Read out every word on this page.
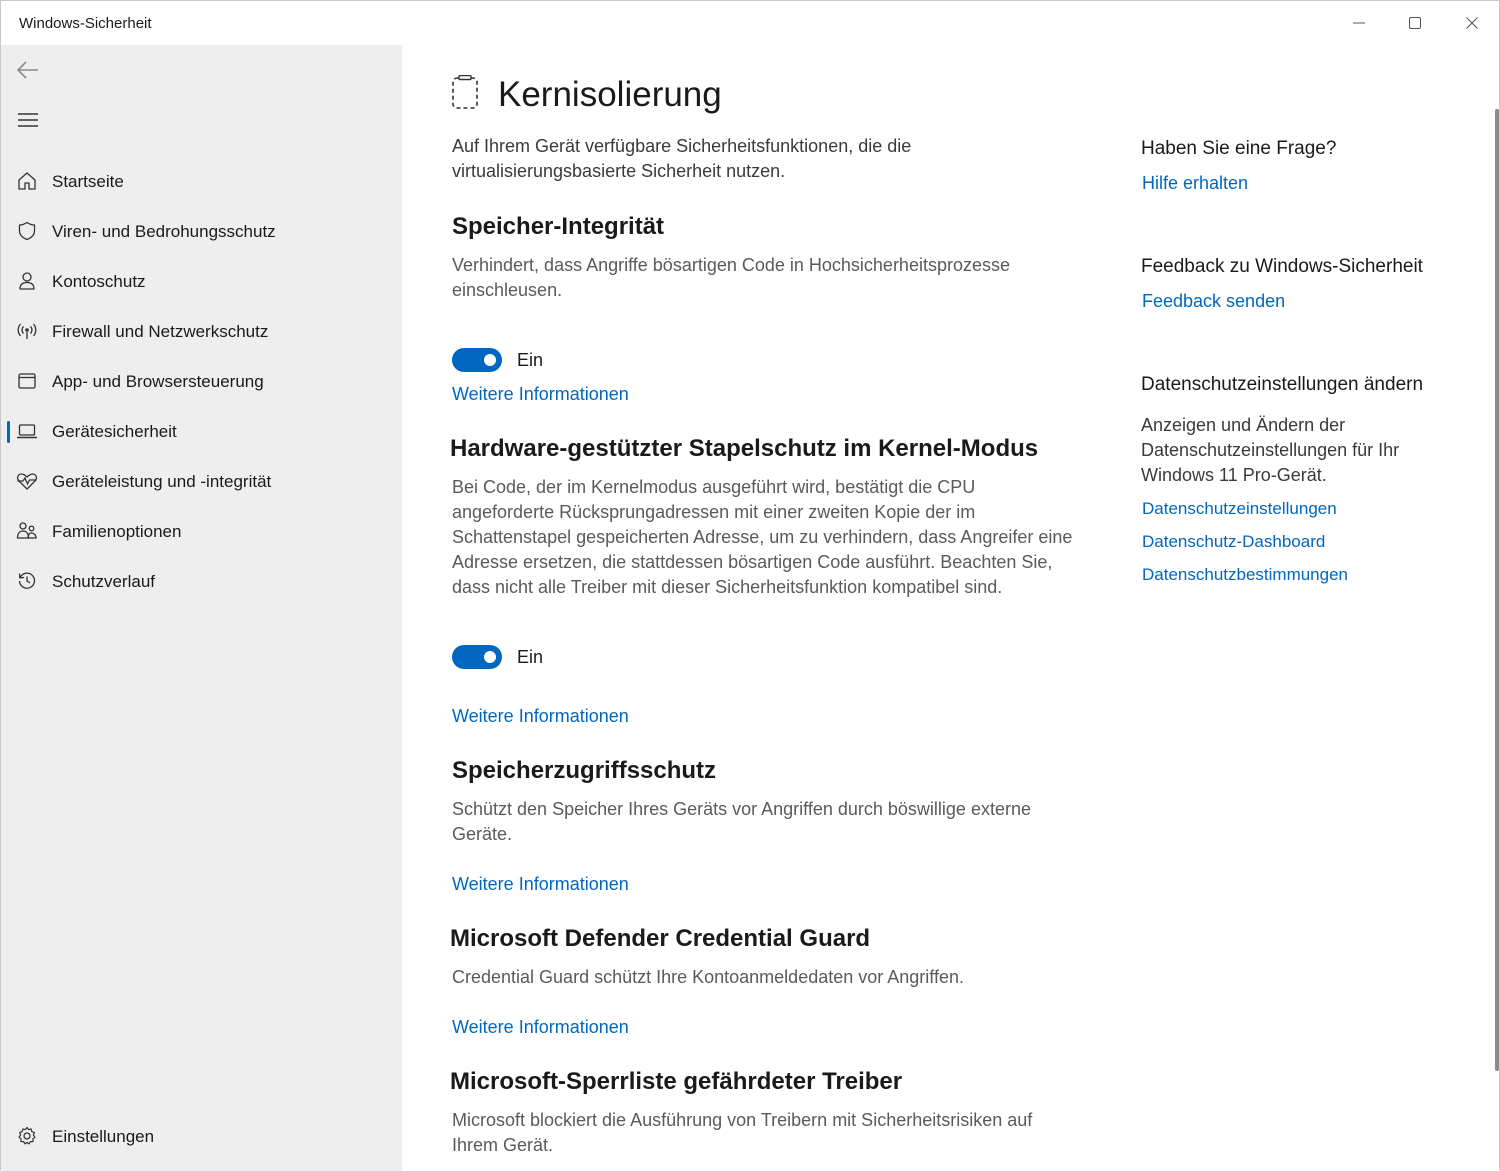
Windows-Sicherheit
Startseite
Viren- und Bedrohungsschutz
Kontoschutz
Firewall und Netzwerkschutz
App- und Browsersteuerung
Gerätesicherheit
Geräteleistung und -integrität
Familienoptionen
Schutzverlauf
Einstellungen
Kernisolierung

Auf Ihrem Gerät verfügbare Sicherheitsfunktionen, die die virtualisierungsbasierte Sicherheit nutzen.

Speicher-Integrität

Verhindert, dass Angriffe bösartigen Code in Hochsicherheitsprozesse einschleusen.

Ein
Weitere Informationen
Hardware-gestützter Stapelschutz im Kernel-Modus

Bei Code, der im Kernelmodus ausgeführt wird, bestätigt die CPU angeforderte Rücksprungadressen mit einer zweiten Kopie der im Schattenstapel gespeicherten Adresse, um zu verhindern, dass Angreifer eine Adresse ersetzen, die stattdessen bösartigen Code ausführt. Beachten Sie, dass nicht alle Treiber mit dieser Sicherheitsfunktion kompatibel sind.

Ein
Weitere Informationen
Speicherzugriffsschutz

Schützt den Speicher Ihres Geräts vor Angriffen durch böswillige externe Geräte.

Weitere Informationen
Microsoft Defender Credential Guard

Credential Guard schützt Ihre Kontoanmeldedaten vor Angriffen.

Weitere Informationen
Microsoft-Sperrliste gefährdeter Treiber

Microsoft blockiert die Ausführung von Treibern mit Sicherheitsrisiken auf Ihrem Gerät.

Haben Sie eine Frage?
Hilfe erhalten
Feedback zu Windows-Sicherheit
Feedback senden
Datenschutzeinstellungen ändern
Anzeigen und Ändern der Datenschutzeinstellungen für Ihr Windows 11 Pro-Gerät.
Datenschutzeinstellungen
Datenschutz-Dashboard
Datenschutzbestimmungen
